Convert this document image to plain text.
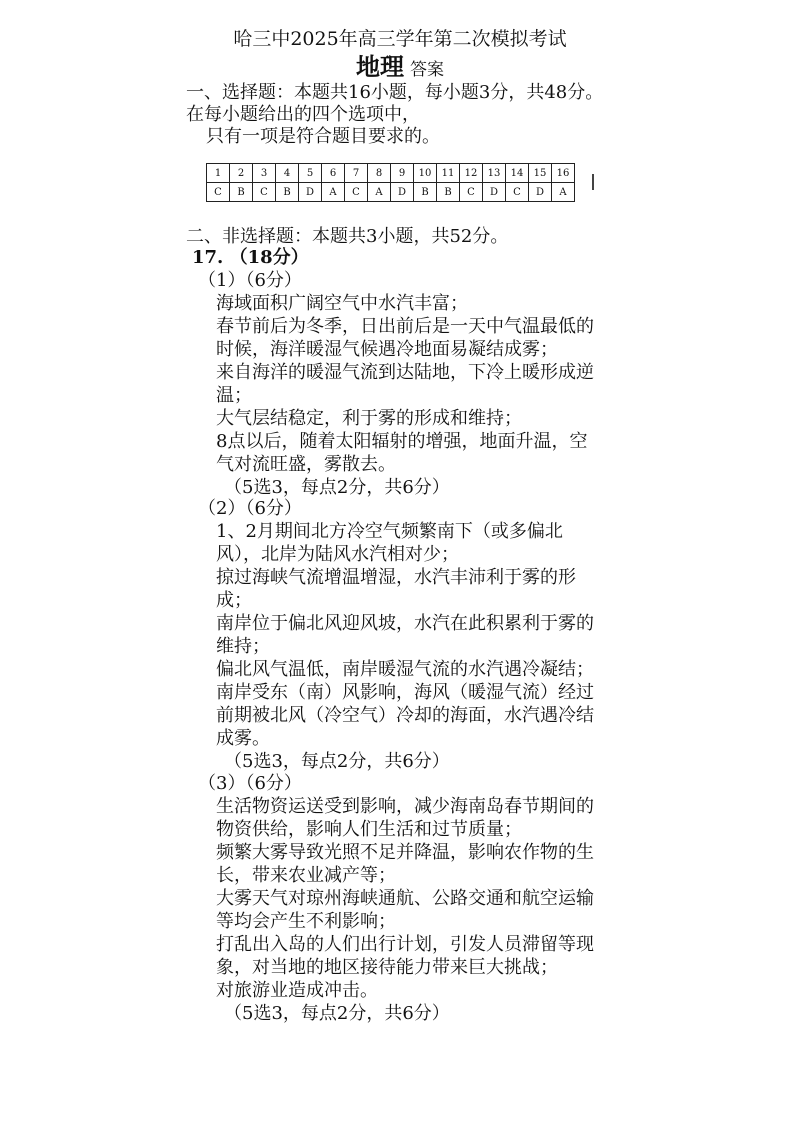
哈三中2025年高三学年第二次模拟考试
地理 答案
一、选择题：本题共16小题，每小题3分，共48分。
在每小题给出的四个选项中，
只有一项是符合题目要求的。
1	2	3	4	5	6	7	8	9	10	11	12	13	14	15	16
C	B	C	B	D	A	C	A	D	B	B	C	D	C	D	A
二、非选择题：本题共3小题，共52分。
17. （18分）
（1）（6分）
海域面积广阔空气中水汽丰富；
春节前后为冬季，日出前后是一天中气温最低的
时候，海洋暖湿气候遇冷地面易凝结成雾；
来自海洋的暖湿气流到达陆地，下冷上暖形成逆
温；
大气层结稳定，利于雾的形成和维持；
8点以后，随着太阳辐射的增强，地面升温，空
气对流旺盛，雾散去。
（5选3，每点2分，共6分）
（2）（6分）
1、2月期间北方冷空气频繁南下（或多偏北
风），北岸为陆风水汽相对少；
掠过海峡气流增温增湿，水汽丰沛利于雾的形
成；
南岸位于偏北风迎风坡，水汽在此积累利于雾的
维持；
偏北风气温低，南岸暖湿气流的水汽遇冷凝结；
南岸受东（南）风影响，海风（暖湿气流）经过
前期被北风（冷空气）冷却的海面，水汽遇冷结
成雾。
（5选3，每点2分，共6分）
（3）（6分）
生活物资运送受到影响，减少海南岛春节期间的
物资供给，影响人们生活和过节质量；
频繁大雾导致光照不足并降温，影响农作物的生
长，带来农业减产等；
大雾天气对琼州海峡通航、公路交通和航空运输
等均会产生不利影响；
打乱出入岛的人们出行计划，引发人员滞留等现
象，对当地的地区接待能力带来巨大挑战；
对旅游业造成冲击。
（5选3，每点2分，共6分）
